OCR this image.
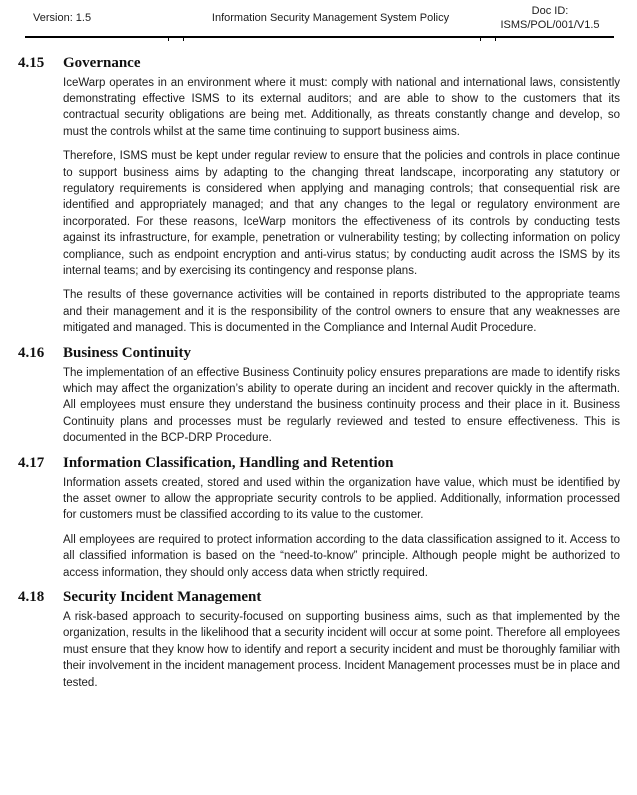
Version: 1.5	Information Security Management System Policy
Doc ID:
ISMS/POL/001/V1.5
4.15	Governance

IceWarp operates in an environment where it must: comply with national and international laws, consistently demonstrating effective ISMS to its external auditors; and are able to show to the customers that its contractual security obligations are being met. Additionally, as threats constantly change and develop, so must the controls whilst at the same time continuing to support business aims.

Therefore, ISMS must be kept under regular review to ensure that the policies and controls in place continue to support business aims by adapting to the changing threat landscape, incorporating any statutory or regulatory requirements is considered when applying and managing controls; that consequential risk are identified and appropriately managed; and that any changes to the legal or regulatory environment are incorporated. For these reasons, IceWarp monitors the effectiveness of its controls by conducting tests against its infrastructure, for example, penetration or vulnerability testing; by collecting information on policy compliance, such as endpoint encryption and anti-virus status; by conducting audit across the ISMS by its internal teams; and by exercising its contingency and response plans.

The results of these governance activities will be contained in reports distributed to the appropriate teams and their management and it is the responsibility of the control owners to ensure that any weaknesses are mitigated and managed. This is documented in the Compliance and Internal Audit Procedure.

4.16	Business Continuity

The implementation of an effective Business Continuity policy ensures preparations are made to identify risks which may affect the organization’s ability to operate during an incident and recover quickly in the aftermath. All employees must ensure they understand the business continuity process and their place in it. Business Continuity plans and processes must be regularly reviewed and tested to ensure effectiveness. This is documented in the BCP-DRP Procedure.

4.17	Information Classification, Handling and Retention

Information assets created, stored and used within the organization have value, which must be identified by the asset owner to allow the appropriate security controls to be applied. Additionally, information processed for customers must be classified according to its value to the customer.

All employees are required to protect information according to the data classification assigned to it. Access to all classified information is based on the “need-to-know” principle. Although people might be authorized to access information, they should only access data when strictly required.

4.18	Security Incident Management

A risk-based approach to security-focused on supporting business aims, such as that implemented by the organization, results in the likelihood that a security incident will occur at some point. Therefore all employees must ensure that they know how to identify and report a security incident and must be thoroughly familiar with their involvement in the incident management process. Incident Management processes must be in place and tested.
